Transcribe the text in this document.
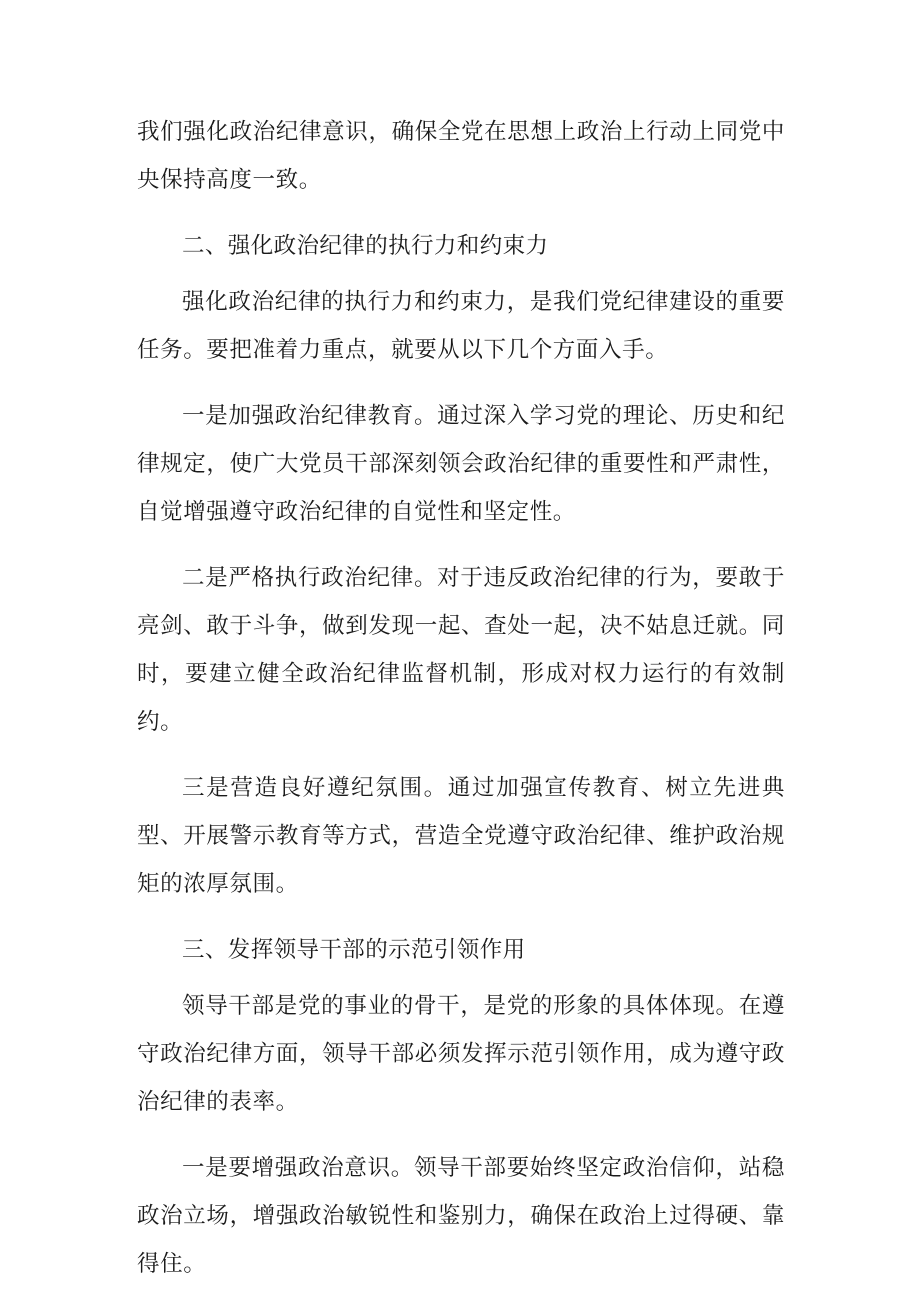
我们强化政治纪律意识，确保全党在思想上政治上行动上同党中央保持高度一致。

二、强化政治纪律的执行力和约束力

强化政治纪律的执行力和约束力，是我们党纪律建设的重要任务。要把准着力重点，就要从以下几个方面入手。

一是加强政治纪律教育。通过深入学习党的理论、历史和纪律规定，使广大党员干部深刻领会政治纪律的重要性和严肃性，自觉增强遵守政治纪律的自觉性和坚定性。

二是严格执行政治纪律。对于违反政治纪律的行为，要敢于亮剑、敢于斗争，做到发现一起、查处一起，决不姑息迁就。同时，要建立健全政治纪律监督机制，形成对权力运行的有效制约。

三是营造良好遵纪氛围。通过加强宣传教育、树立先进典型、开展警示教育等方式，营造全党遵守政治纪律、维护政治规矩的浓厚氛围。

三、发挥领导干部的示范引领作用

领导干部是党的事业的骨干，是党的形象的具体体现。在遵守政治纪律方面，领导干部必须发挥示范引领作用，成为遵守政治纪律的表率。

一是要增强政治意识。领导干部要始终坚定政治信仰，站稳政治立场，增强政治敏锐性和鉴别力，确保在政治上过得硬、靠得住。
